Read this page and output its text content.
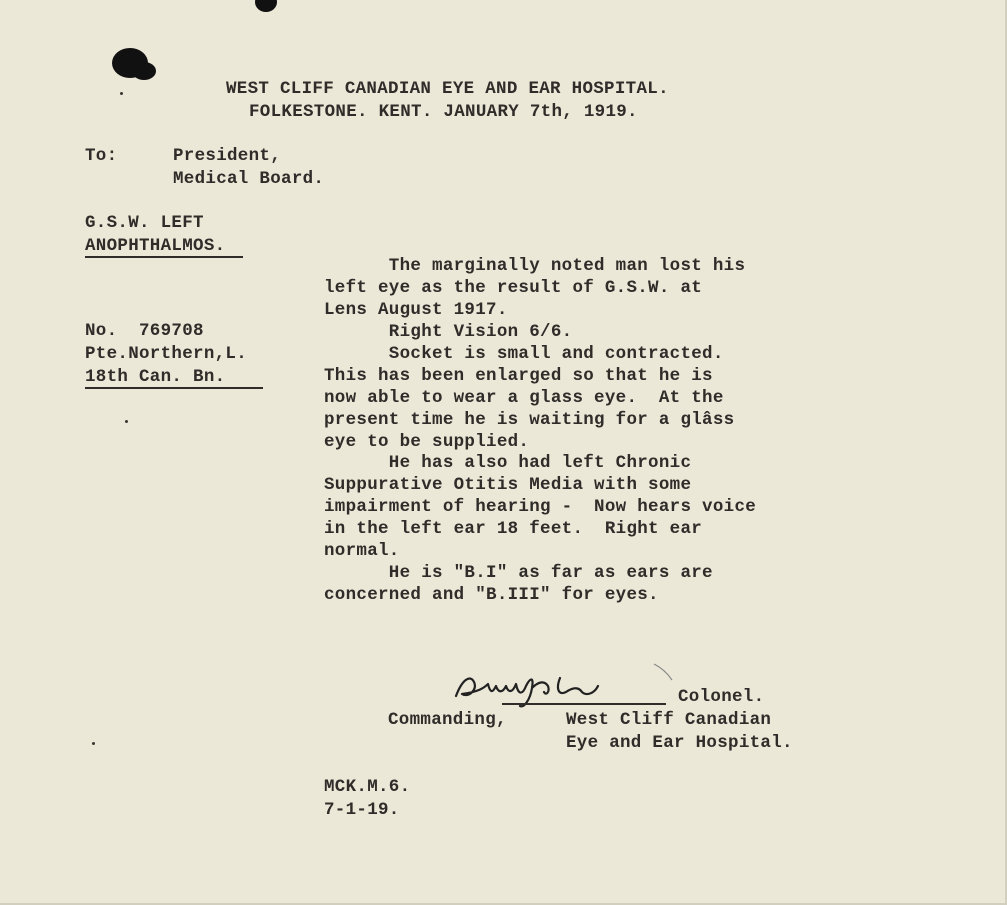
WEST CLIFF CANADIAN EYE AND EAR HOSPITAL.
FOLKESTONE. KENT. JANUARY 7th, 1919.
To:	President,
Medical Board.
G.S.W. LEFT
ANOPHTHALMOS.
No.  769708
Pte.Northern,L.
18th Can. Bn.
The marginally noted man lost his
left eye as the result of G.S.W. at
Lens August 1917.
Right Vision 6/6.
Socket is small and contracted.
This has been enlarged so that he is
now able to wear a glass eye.  At the
present time he is waiting for a glâss
eye to be supplied.
He has also had left Chronic
Suppurative Otitis Media with some
impairment of hearing -  Now hears voice
in the left ear 18 feet.  Right ear
normal.
He is "B.I" as far as ears are
concerned and "B.III" for eyes.
Colonel.
Commanding,	West Cliff Canadian
Eye and Ear Hospital.
MCK.M.6.
7-1-19.
